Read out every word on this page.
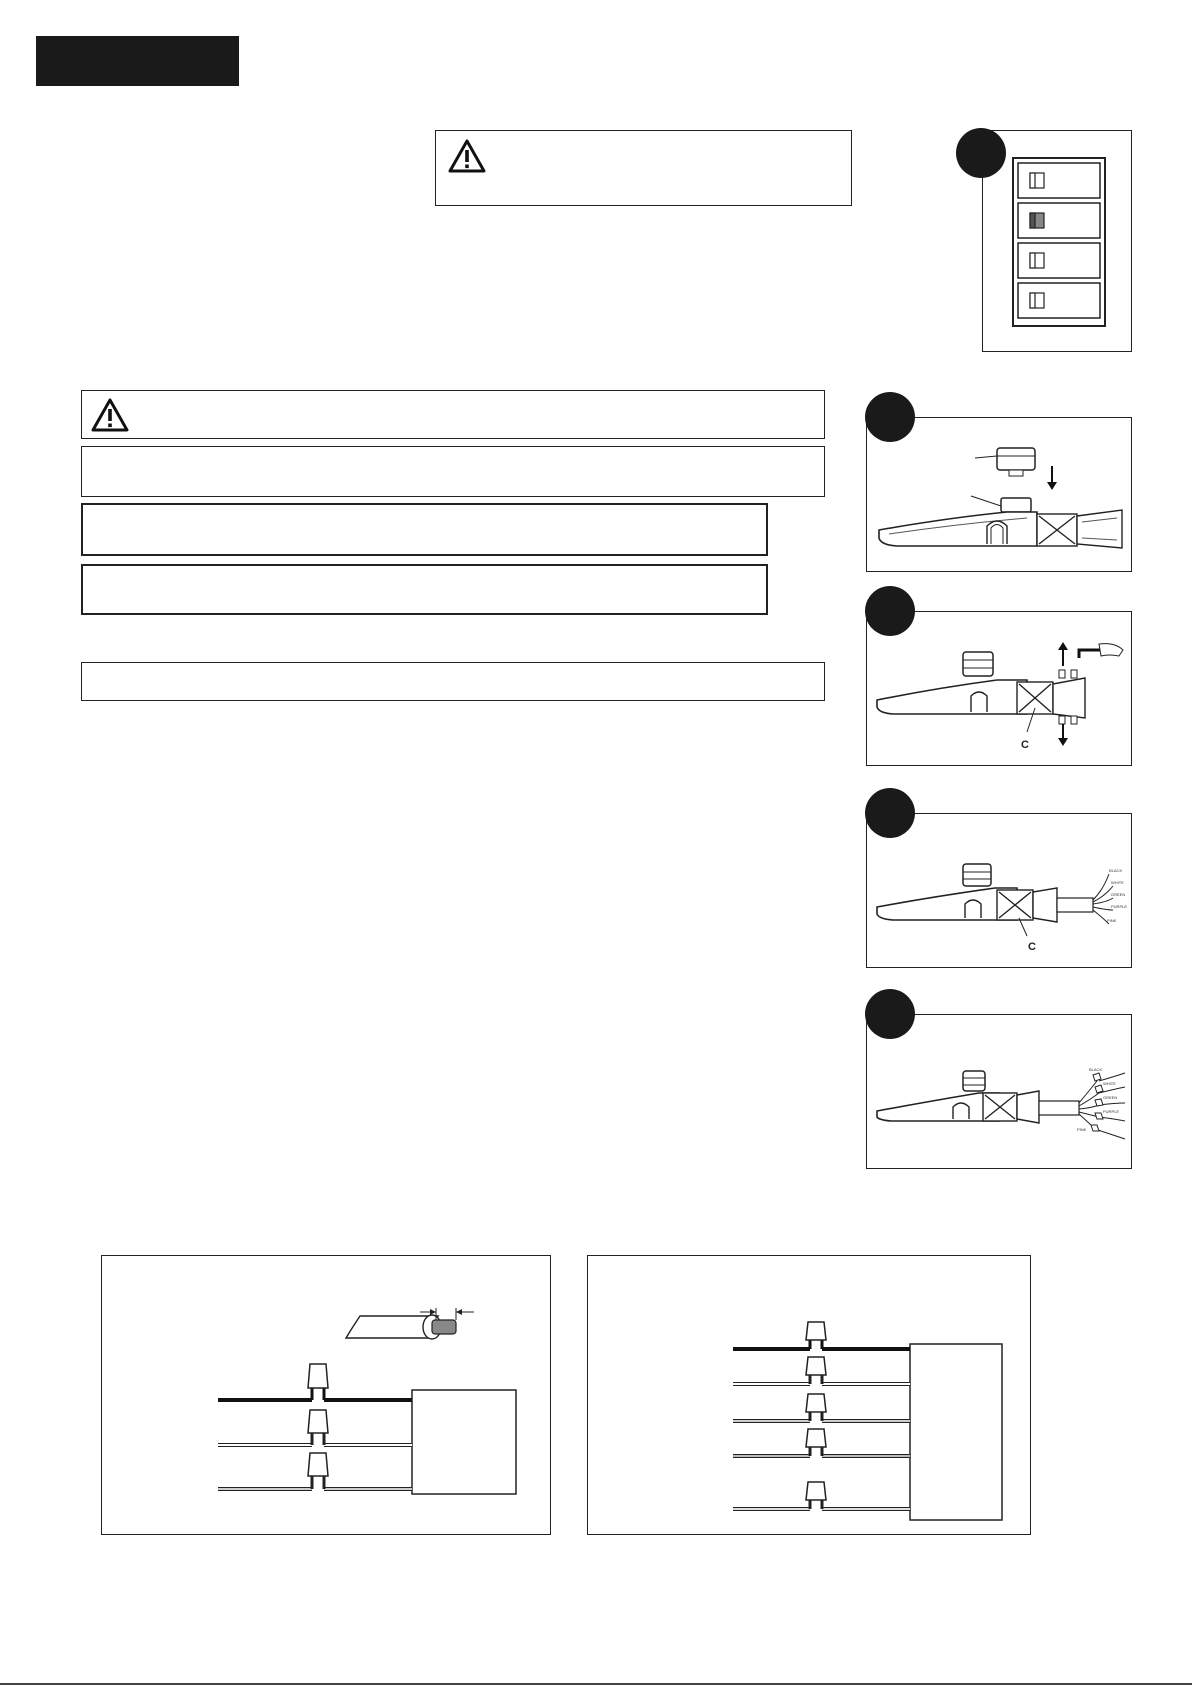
C
BLACK
WHITE
GREEN
PURPLE
PINK
C
BLACK
WHITE
GREEN
PURPLE
PINK
